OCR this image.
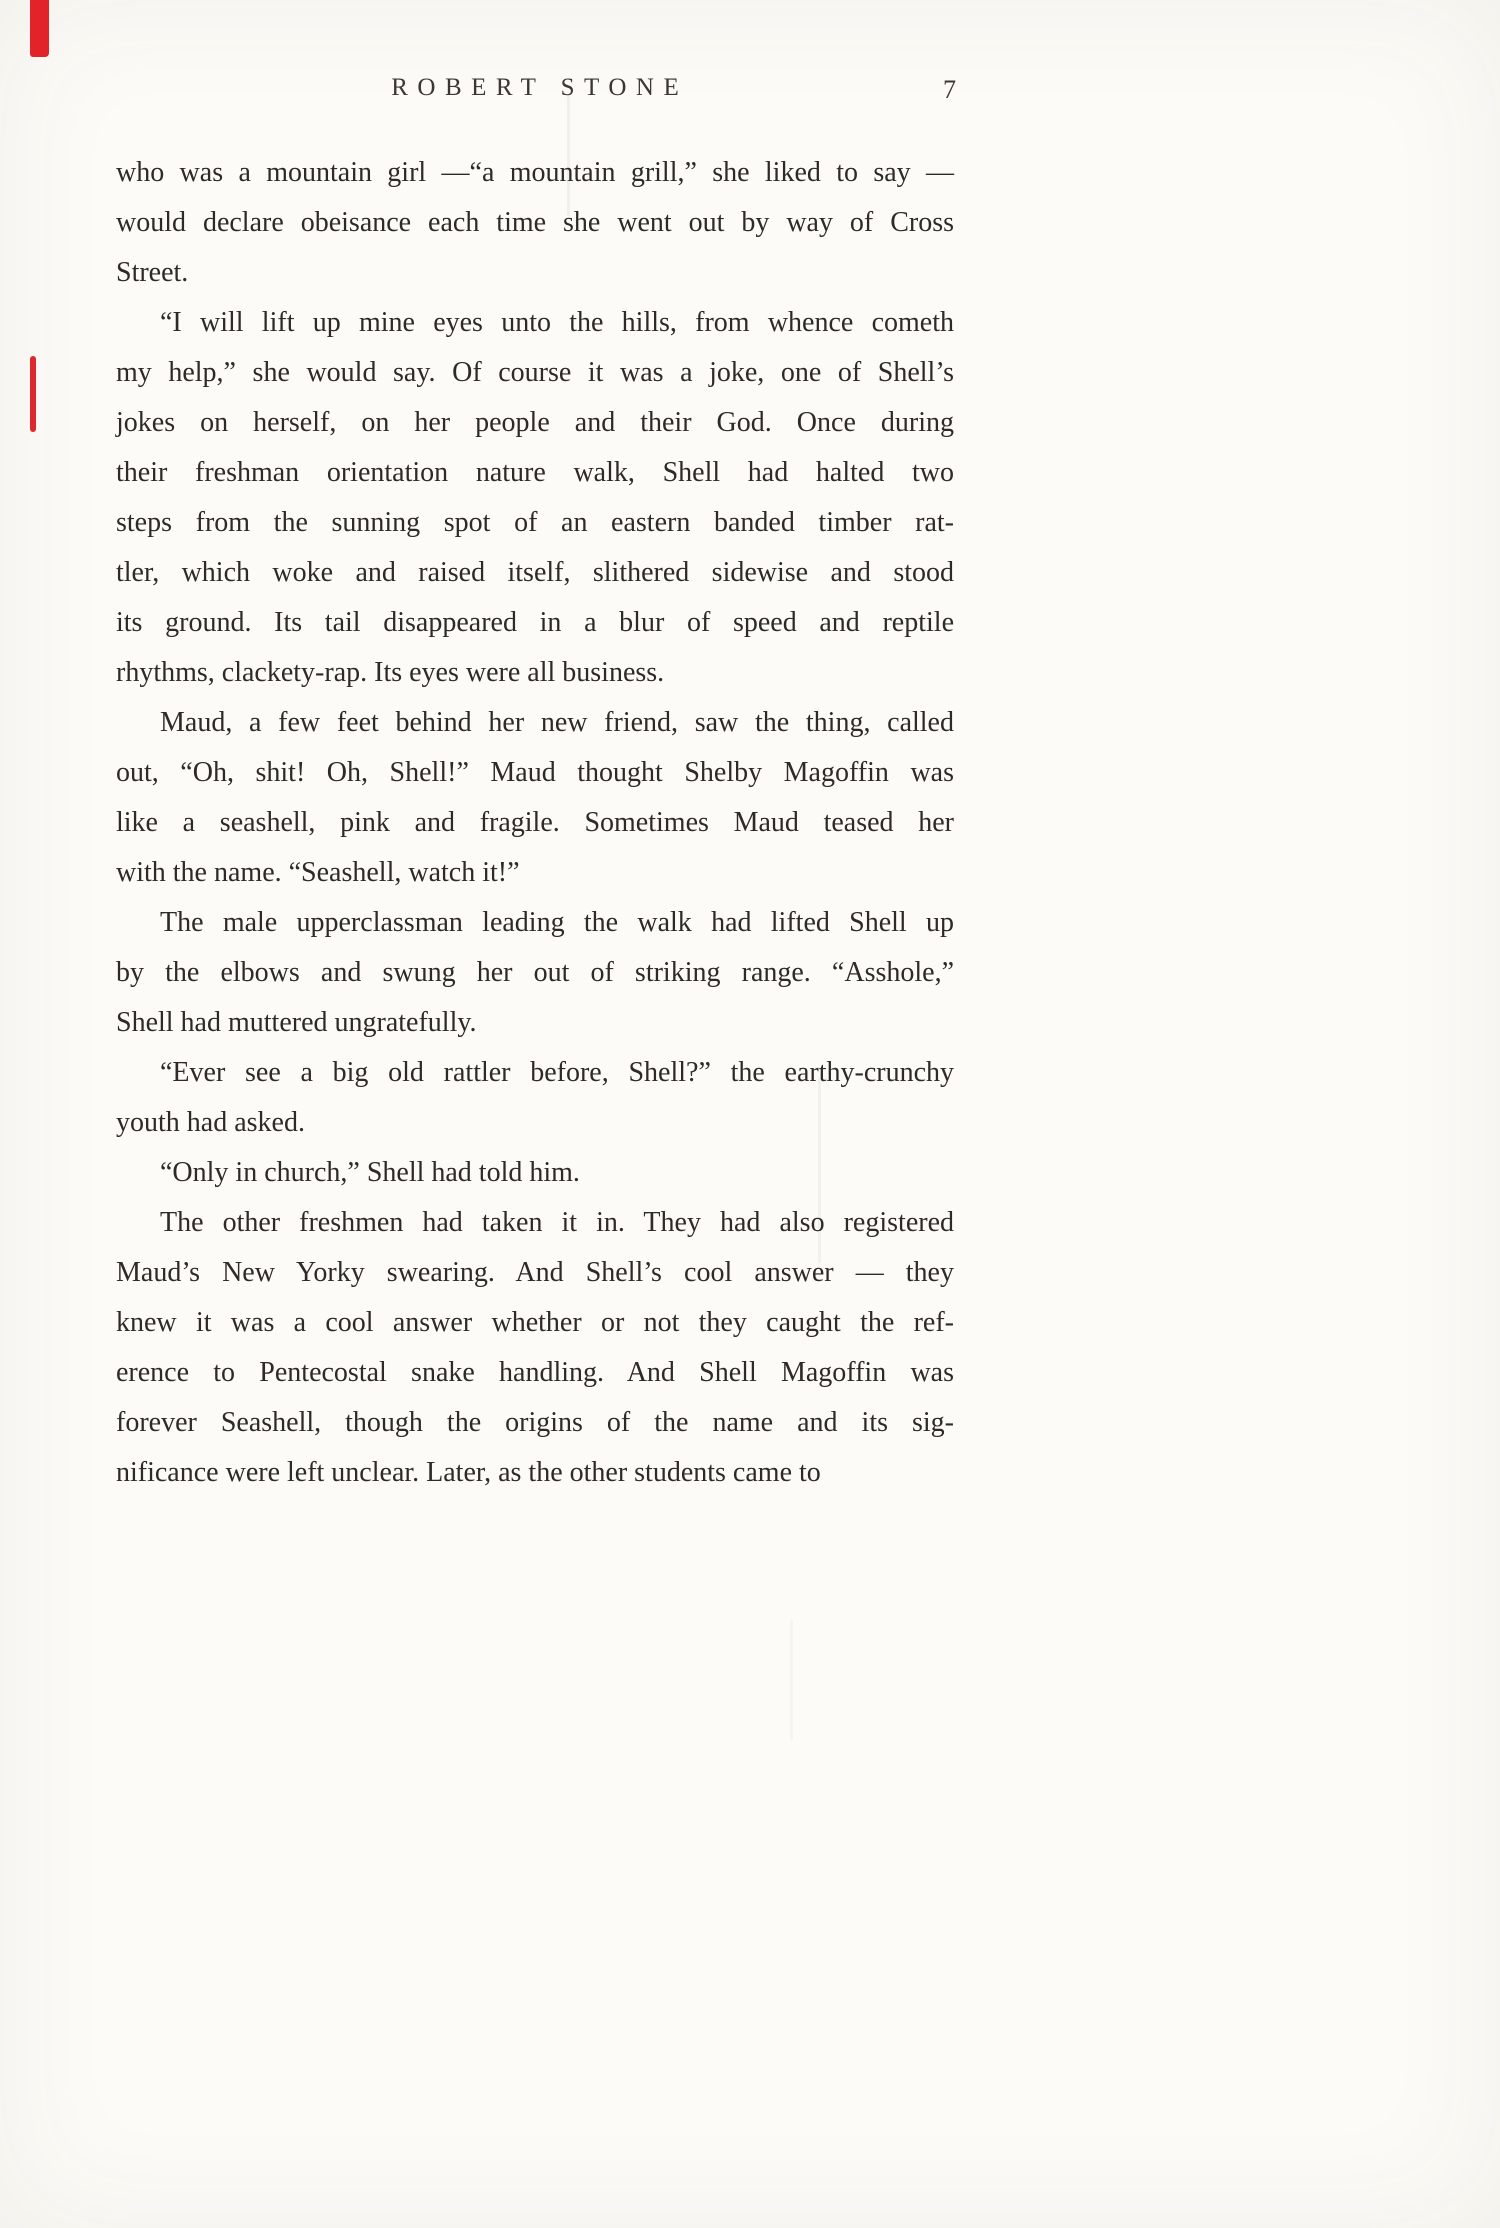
ROBERT STONE	7

who was a mountain girl —“a mountain grill,” she liked to say —
would declare obeisance each time she went out by way of Cross
Street.

“I will lift up mine eyes unto the hills, from whence cometh
my help,” she would say. Of course it was a joke, one of Shell’s
jokes on herself, on her people and their God. Once during
their freshman orientation nature walk, Shell had halted two
steps from the sunning spot of an eastern banded timber rat-
tler, which woke and raised itself, slithered sidewise and stood
its ground. Its tail disappeared in a blur of speed and reptile
rhythms, clackety-rap. Its eyes were all business.

Maud, a few feet behind her new friend, saw the thing, called
out, “Oh, shit! Oh, Shell!” Maud thought Shelby Magoffin was
like a seashell, pink and fragile. Sometimes Maud teased her
with the name. “Seashell, watch it!”

The male upperclassman leading the walk had lifted Shell up
by the elbows and swung her out of striking range. “Asshole,”
Shell had muttered ungratefully.

“Ever see a big old rattler before, Shell?” the earthy-crunchy
youth had asked.

“Only in church,” Shell had told him.

The other freshmen had taken it in. They had also registered
Maud’s New Yorky swearing. And Shell’s cool answer — they
knew it was a cool answer whether or not they caught the ref-
erence to Pentecostal snake handling. And Shell Magoffin was
forever Seashell, though the origins of the name and its sig-
nificance were left unclear. Later, as the other students came to
